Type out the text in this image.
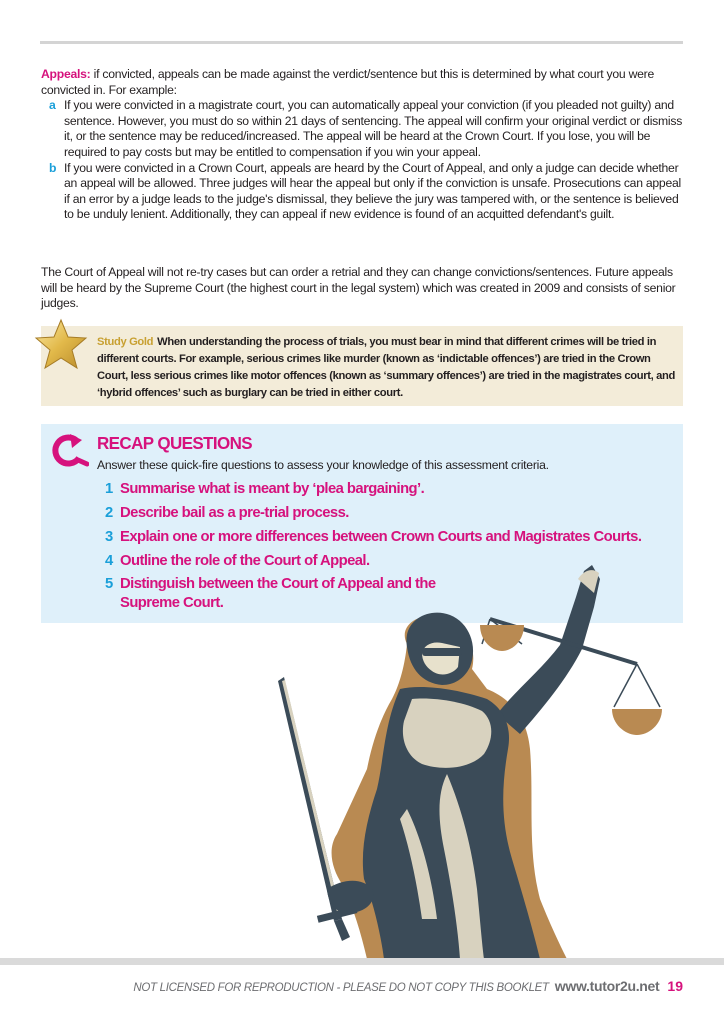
Appeals: if convicted, appeals can be made against the verdict/sentence but this is determined by what court you were convicted in. For example:
a If you were convicted in a magistrate court, you can automatically appeal your conviction (if you pleaded not guilty) and sentence. However, you must do so within 21 days of sentencing. The appeal will confirm your original verdict or dismiss it, or the sentence may be reduced/increased. The appeal will be heard at the Crown Court. If you lose, you will be required to pay costs but may be entitled to compensation if you win your appeal.
b If you were convicted in a Crown Court, appeals are heard by the Court of Appeal, and only a judge can decide whether an appeal will be allowed. Three judges will hear the appeal but only if the conviction is unsafe. Prosecutions can appeal if an error by a judge leads to the judge's dismissal, they believe the jury was tampered with, or the sentence is believed to be unduly lenient. Additionally, they can appeal if new evidence is found of an acquitted defendant's guilt.
The Court of Appeal will not re-try cases but can order a retrial and they can change convictions/sentences. Future appeals will be heard by the Supreme Court (the highest court in the legal system) which was created in 2009 and consists of senior judges.
Study Gold When understanding the process of trials, you must bear in mind that different crimes will be tried in different courts. For example, serious crimes like murder (known as ‘indictable offences’) are tried in the Crown Court, less serious crimes like motor offences (known as ‘summary offences’) are tried in the magistrates court, and ‘hybrid offences’ such as burglary can be tried in either court.
RECAP QUESTIONS
Answer these quick-fire questions to assess your knowledge of this assessment criteria.
1 Summarise what is meant by ‘plea bargaining’.
2 Describe bail as a pre-trial process.
3 Explain one or more differences between Crown Courts and Magistrates Courts.
4 Outline the role of the Court of Appeal.
5 Distinguish between the Court of Appeal and the Supreme Court.
NOT LICENSED FOR REPRODUCTION - PLEASE DO NOT COPY THIS BOOKLET www.tutor2u.net 19
